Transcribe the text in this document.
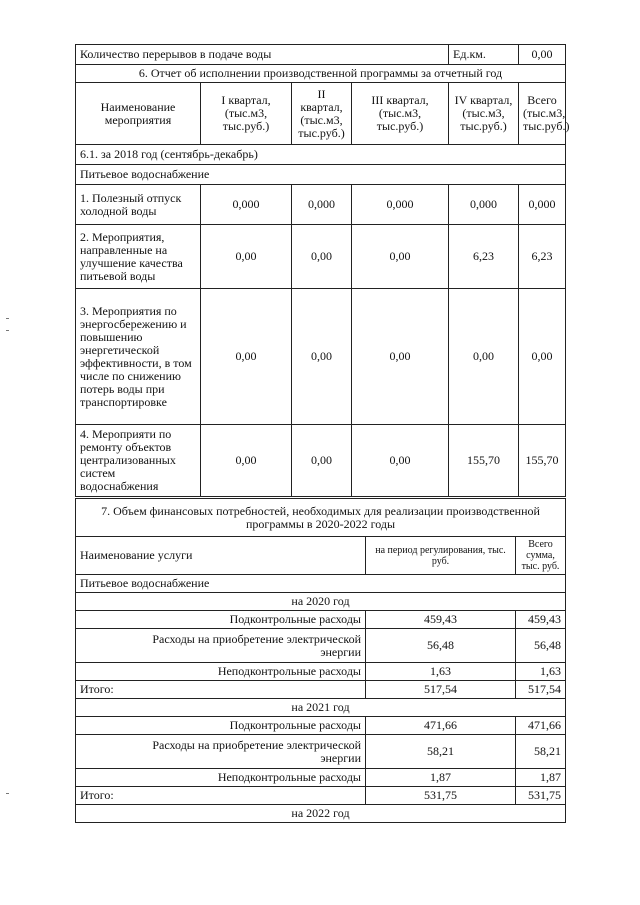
Количество перерывов в подаче воды				Ед.км.	0,00
6. Отчет об исполнении производственной программы за отчетный год					
Наименование мероприятия	I квартал, (тыс.м3, тыс.руб.)	II квартал, (тыс.м3, тыс.руб.)	III квартал, (тыс.м3, тыс.руб.)	IV квартал, (тыс.м3, тыс.руб.)	Всего (тыс.м3, тыс.руб.)
6.1. за 2018 год (сентябрь-декабрь)					
Питьевое водоснабжение					
1. Полезный отпуск холодной воды	0,000	0,000	0,000	0,000	0,000
2. Мероприятия, направленные на улучшение качества питьевой воды	0,00	0,00	0,00	6,23	6,23
3. Мероприятия по энергосбережению и повышению энергетической эффективности, в том числе по снижению потерь воды при транспортировке	0,00	0,00	0,00	0,00	0,00
4. Мероприяти по ремонту объектов централизованных систем водоснабжения	0,00	0,00	0,00	155,70	155,70
7. Объем финансовых потребностей, необходимых для реализации производственной программы в 2020-2022 годы		
Наименование услуги	на период регулирования, тыс. руб.	Всего сумма, тыс. руб.
Питьевое водоснабжение		
на 2020 год		
Подконтрольные расходы	459,43	459,43

Расходы на приобретение электрической энергии	56,48	56,48
Неподконтрольные расходы	1,63	1,63
Итого:	517,54	517,54
на 2021 год		
Подконтрольные расходы	471,66	471,66

Расходы на приобретение электрической энергии	58,21	58,21
Неподконтрольные расходы	1,87	1,87
Итого:	531,75	531,75
на 2022 год		
